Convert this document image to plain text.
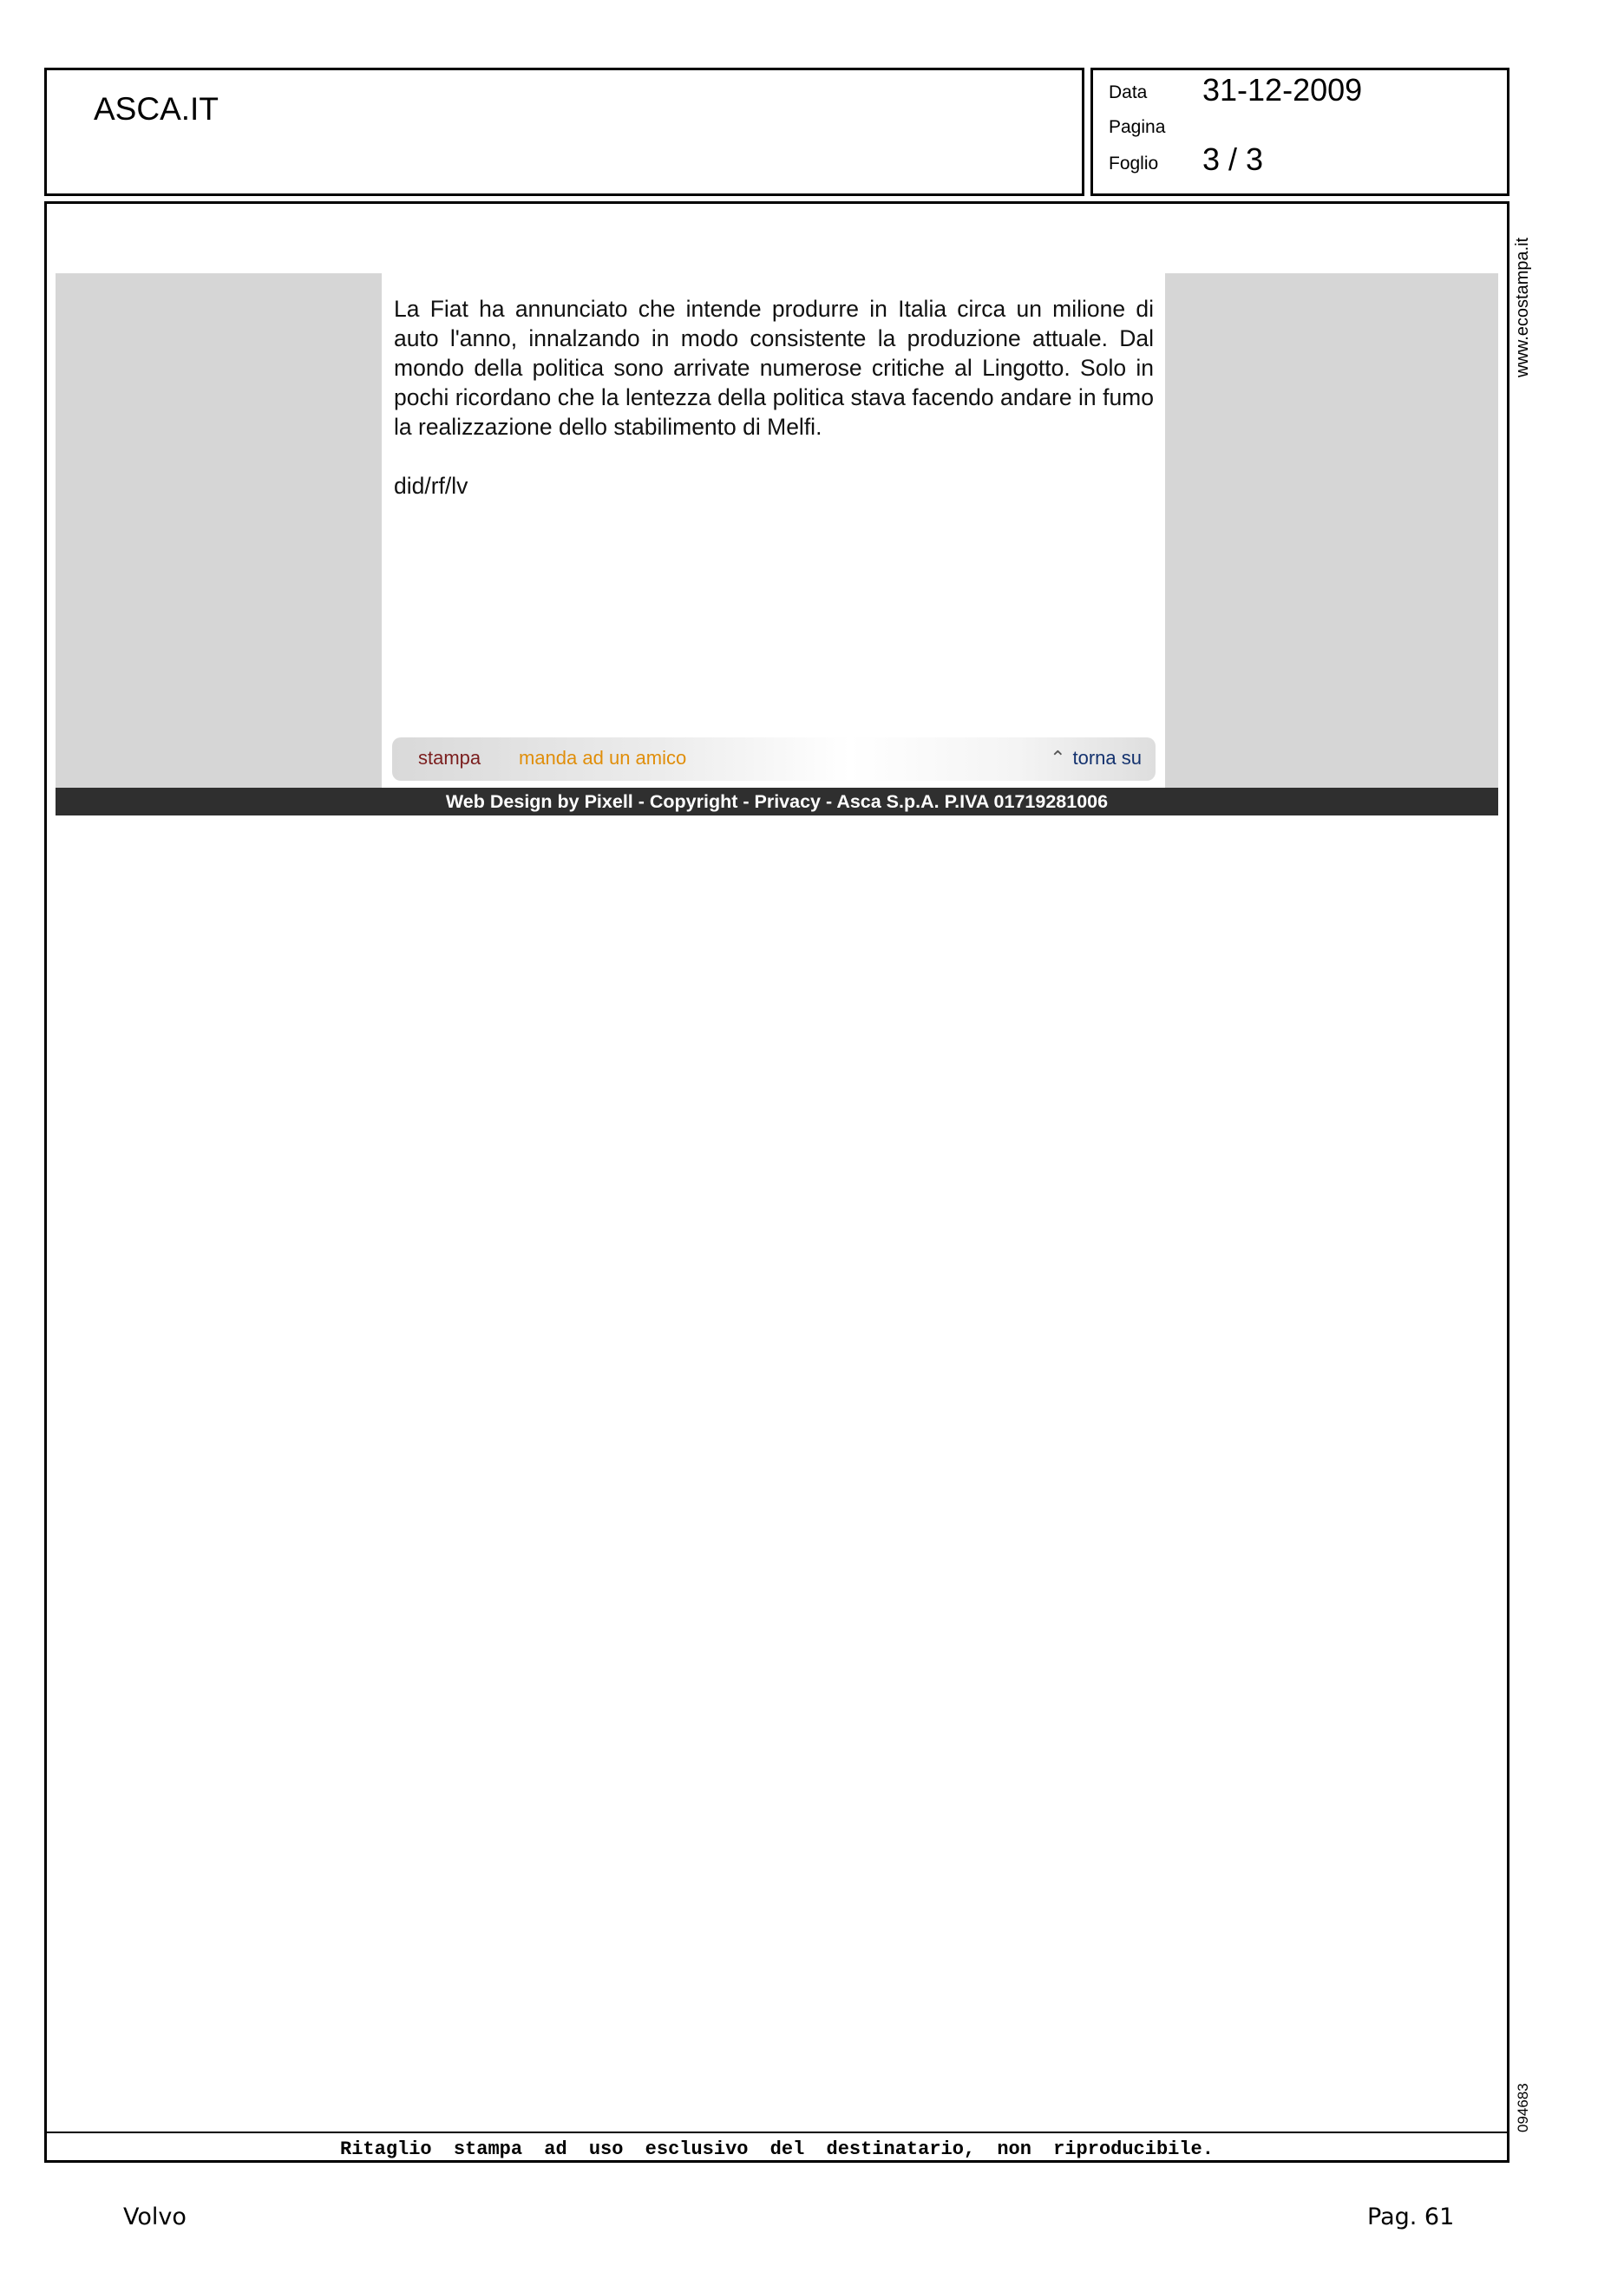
ASCA.IT	Data 31-12-2009
Pagina
Foglio 3 / 3

La Fiat ha annunciato che intende produrre in Italia circa un milione di auto l'anno, innalzando in modo consistente la produzione attuale. Dal mondo della politica sono arrivate numerose critiche al Lingotto. Solo in pochi ricordano che la lentezza della politica stava facendo andare in fumo la realizzazione dello stabilimento di Melfi.

did/rf/lv
stampa manda ad un amico	⌃ torna su
Web Design by Pixell - Copyright - Privacy - Asca S.p.A. P.IVA 01719281006
Ritaglio stampa ad uso esclusivo del destinatario, non riproducibile.
www.ecostampa.it
094683
Volvo	Pag. 61
